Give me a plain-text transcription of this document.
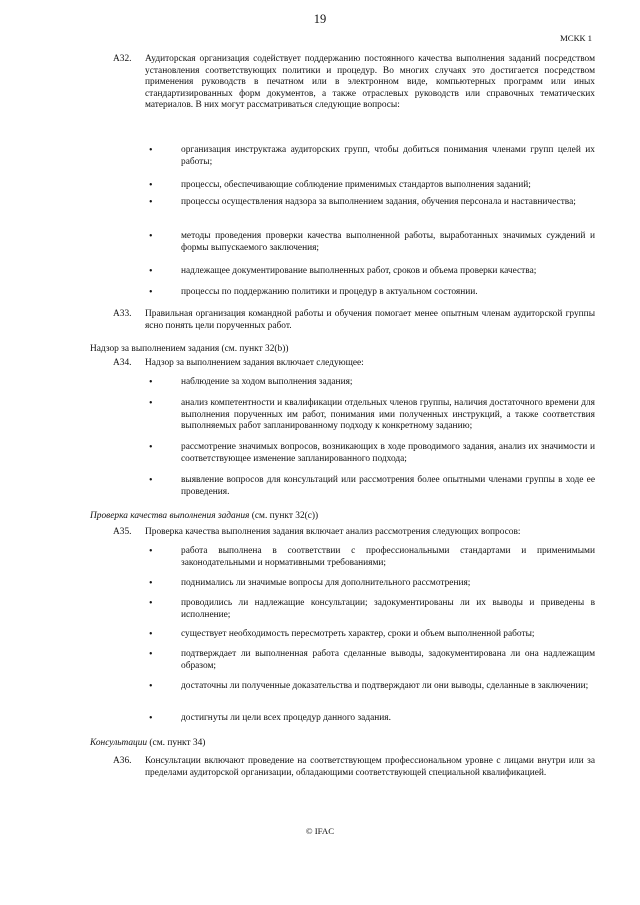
19
МСКК 1
A32. Аудиторская организация содействует поддержанию постоянного качества выполнения заданий посредством установления соответствующих политики и процедур. Во многих случаях это достигается посредством применения руководств в печатном или в электронном виде, компьютерных программ или иных стандартизированных форм документов, а также отраслевых руководств или справочных тематических материалов. В них могут рассматриваться следующие вопросы:
•	организация инструктажа аудиторских групп, чтобы добиться понимания членами групп целей их работы;
•	процессы, обеспечивающие соблюдение применимых стандартов выполнения заданий;
•	процессы осуществления надзора за выполнением задания, обучения персонала и наставничества;
•	методы проведения проверки качества выполненной работы, выработанных значимых суждений и формы выпускаемого заключения;
•	надлежащее документирование выполненных работ, сроков и объема проверки качества;
•	процессы по поддержанию политики и процедур в актуальном состоянии.
A33. Правильная организация командной работы и обучения помогает менее опытным членам аудиторской группы ясно понять цели порученных работ.
Надзор за выполнением задания (см. пункт 32(b))
A34. Надзор за выполнением задания включает следующее:
•	наблюдение за ходом выполнения задания;
•	анализ компетентности и квалификации отдельных членов группы, наличия достаточного времени для выполнения порученных им работ, понимания ими полученных инструкций, а также соответствия выполняемых работ запланированному подходу к конкретному заданию;
•	рассмотрение значимых вопросов, возникающих в ходе проводимого задания, анализ их значимости и соответствующее изменение запланированного подхода;
•	выявление вопросов для консультаций или рассмотрения более опытными членами группы в ходе ее проведения.
Проверка качества выполнения задания (см. пункт 32(c))
A35. Проверка качества выполнения задания включает анализ рассмотрения следующих вопросов:
•	работа выполнена в соответствии с профессиональными стандартами и применимыми законодательными и нормативными требованиями;
•	поднимались ли значимые вопросы для дополнительного рассмотрения;
•	проводились ли надлежащие консультации; задокументированы ли их выводы и приведены в исполнение;
•	существует необходимость пересмотреть характер, сроки и объем выполненной работы;
•	подтверждает ли выполненная работа сделанные выводы, задокументирована ли она надлежащим образом;
•	достаточны ли полученные доказательства и подтверждают ли они выводы, сделанные в заключении;
•	достигнуты ли цели всех процедур данного задания.
Консультации (см. пункт 34)
A36. Консультации включают проведение на соответствующем профессиональном уровне с лицами внутри или за пределами аудиторской организации, обладающими соответствующей специальной квалификацией.
© IFAC
